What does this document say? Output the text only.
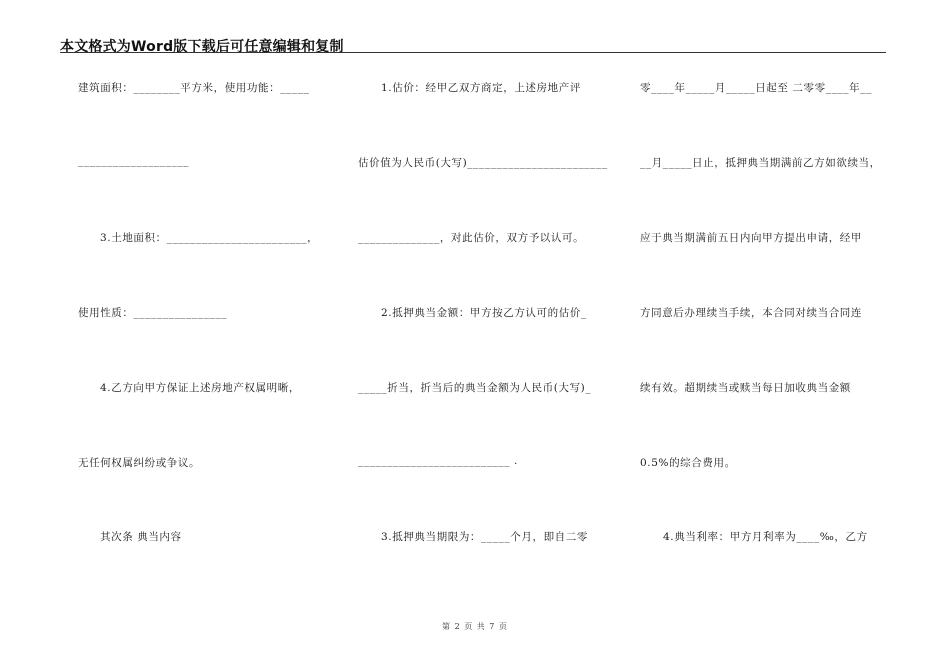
本文格式为Word版下载后可任意编辑和复制
建筑面积：________平方米，使用功能：_____
___________________
3.土地面积：________________________，
使用性质：________________
4.乙方向甲方保证上述房地产权属明晰，
无任何权属纠纷或争议。
其次条 典当内容
1.估价：经甲乙双方商定，上述房地产评
估价值为人民币(大写)________________________
______________，对此估价，双方予以认可。
2.抵押典当金额：甲方按乙方认可的估价_
_____折当，折当后的典当金额为人民币(大写)_
__________________________ .
3.抵押典当期限为：_____个月，即自二零
零____年_____月_____日起至 二零零____年__
__月_____日止，抵押典当期满前乙方如欲续当，
应于典当期满前五日内向甲方提出申请，经甲
方同意后办理续当手续，本合同对续当合同连
续有效。超期续当或赎当每日加收典当金额
0.5%的综合费用。
4.典当利率：甲方月利率为____‰，乙方
第 2 页 共 7 页
